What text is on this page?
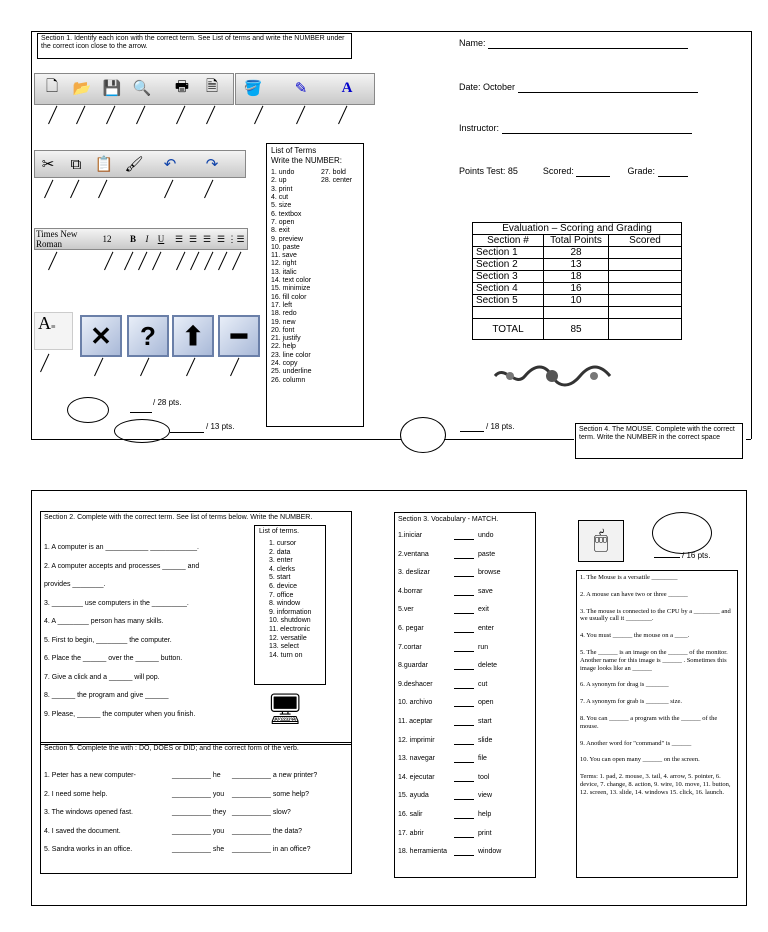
Section 1. Identify each icon with the correct term. See List of terms and write the NUMBER under the correct icon close to the arrow.
🗋 📂 💾 🔍 🖶	🗎	🪣	✎	A
✂	⧉ 📋 🖌	↶	↷
Times New Roman	12	B	I	U	☰ ☰ ☰ ☰ ⋮☰
A≡	✕	?	⬆	━
List of Terms
Write the NUMBER:
1. undo
2. up
3. print
4. cut
5. size
6. textbox
7. open
8. exit
9. preview
10. paste
11. save
12. right
13. italic
14. text color
15. minimize
16. fill color
17. left
18. redo
19. new
20. font
21. justify
22. help
23. line color
24. copy
25. underline
26. column
27. bold
28. center
/ 28 pts.
/ 13 pts.	/ 18 pts.
Name:
Date: October
Instructor:
Points Test: 85	Scored:	Grade:
Evaluation – Scoring and Grading		
Section #	Total Points	Scored
Section 1	28	
Section 2	13	
Section 3	18	
Section 4	16	
Section 5	10	

TOTAL	85	
Section 4. The MOUSE. Complete with the correct term. Write the NUMBER in the correct space
Section 2. Complete with the correct term. See list of terms below. Write the NUMBER.
1. A computer is an ___________ ____________.
2. A computer accepts and processes ______ and
provides ________.
3. ________ use computers in the _________.
4. A ________ person has many skills.
5. First to begin, ________ the computer.
6. Place the ______ over the ______ button.
7. Give a click and a ______ will pop.
8. ______ the program and give ______
9. Please, ______ the computer when you finish.
List of terms.
1. cursor
2. data
3. enter
4. clerks
5. start
6. device
7. office
8. window
9. information
10. shutdown
11. electronic
12. versatile
13. select
14. turn on
🖥
Section 5. Complete the with : DO, DOES or DID; and the correct form of the verb.
1. Peter has a new computer-	__________ he	__________ a new printer?
2. I need some help.	__________ you	__________ some help?
3. The windows opened fast.	__________ they __________ slow?
4. I saved the document.	__________ you	__________ the data?
5. Sandra works in an office.	__________ she	__________ in an office?
Section 3. Vocabulary - MATCH.
1.iniciar	undo
2.ventana	paste
3. deslizar	browse
4.borrar	save
5.ver	exit
6. pegar	enter
7.cortar	run
8.guardar	delete
9.deshacer	cut
10. archivo	open
11. aceptar	start
12. imprimir	slide
13. navegar	file
14. ejecutar	tool
15. ayuda	view
16. salir	help
17. abrir	print
18. herramienta	window
🖱
/ 16 pts.
1. The Mouse is a versatile ________
2. A mouse can have two or three ______
3. The mouse is connected to the CPU by a ________ and we usually call it ________.
4. You must ______ the mouse on a ____.
5. The ______ is an image on the ______ of the monitor. Another name for this image is ______ . Sometimes this image looks like an ______
6. A synonym for drag is _______
7. A synonym for grab is _______ size.
8. You can ______ a program with the ______ of the mouse.
9. Another word for "command" is ______
10. You can open many ______ on the screen.
Terms: 1. pad, 2. mouse, 3. tail, 4. arrow, 5. pointer, 6. device, 7. change, 8. action, 9. wire, 10. move, 11. button, 12. screen, 13. slide, 14. windows 15. click, 16. launch.
